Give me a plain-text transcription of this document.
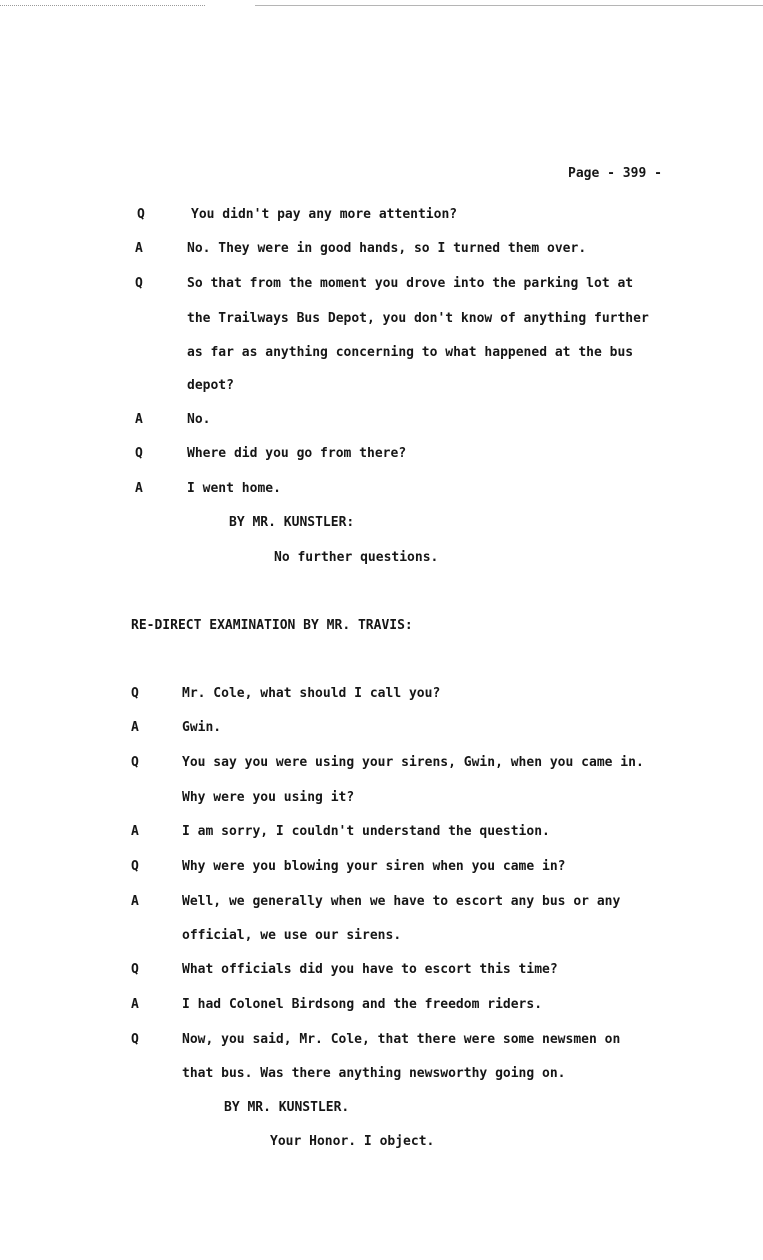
Page - 399 -
Q	You didn't pay any more attention?
A	No. They were in good hands, so I turned them over.
Q	So that from the moment you drove into the parking lot at
the Trailways Bus Depot, you don't know of anything further
as far as anything concerning to what happened at the bus
depot?
A	No.
Q	Where did you go from there?
A	I went home.
BY MR. KUNSTLER:
No further questions.
RE-DIRECT EXAMINATION BY MR. TRAVIS:
Q	Mr. Cole, what should I call you?
A	Gwin.
Q	You say you were using your sirens, Gwin, when you came in.
Why were you using it?
A	I am sorry, I couldn't understand the question.
Q	Why were you blowing your siren when you came in?
A	Well, we generally when we have to escort any bus or any
official, we use our sirens.
Q	What officials did you have to escort this time?
A	I had Colonel Birdsong and the freedom riders.
Q	Now, you said, Mr. Cole, that there were some newsmen on
that bus. Was there anything newsworthy going on.
BY MR. KUNSTLER.
Your Honor. I object.
